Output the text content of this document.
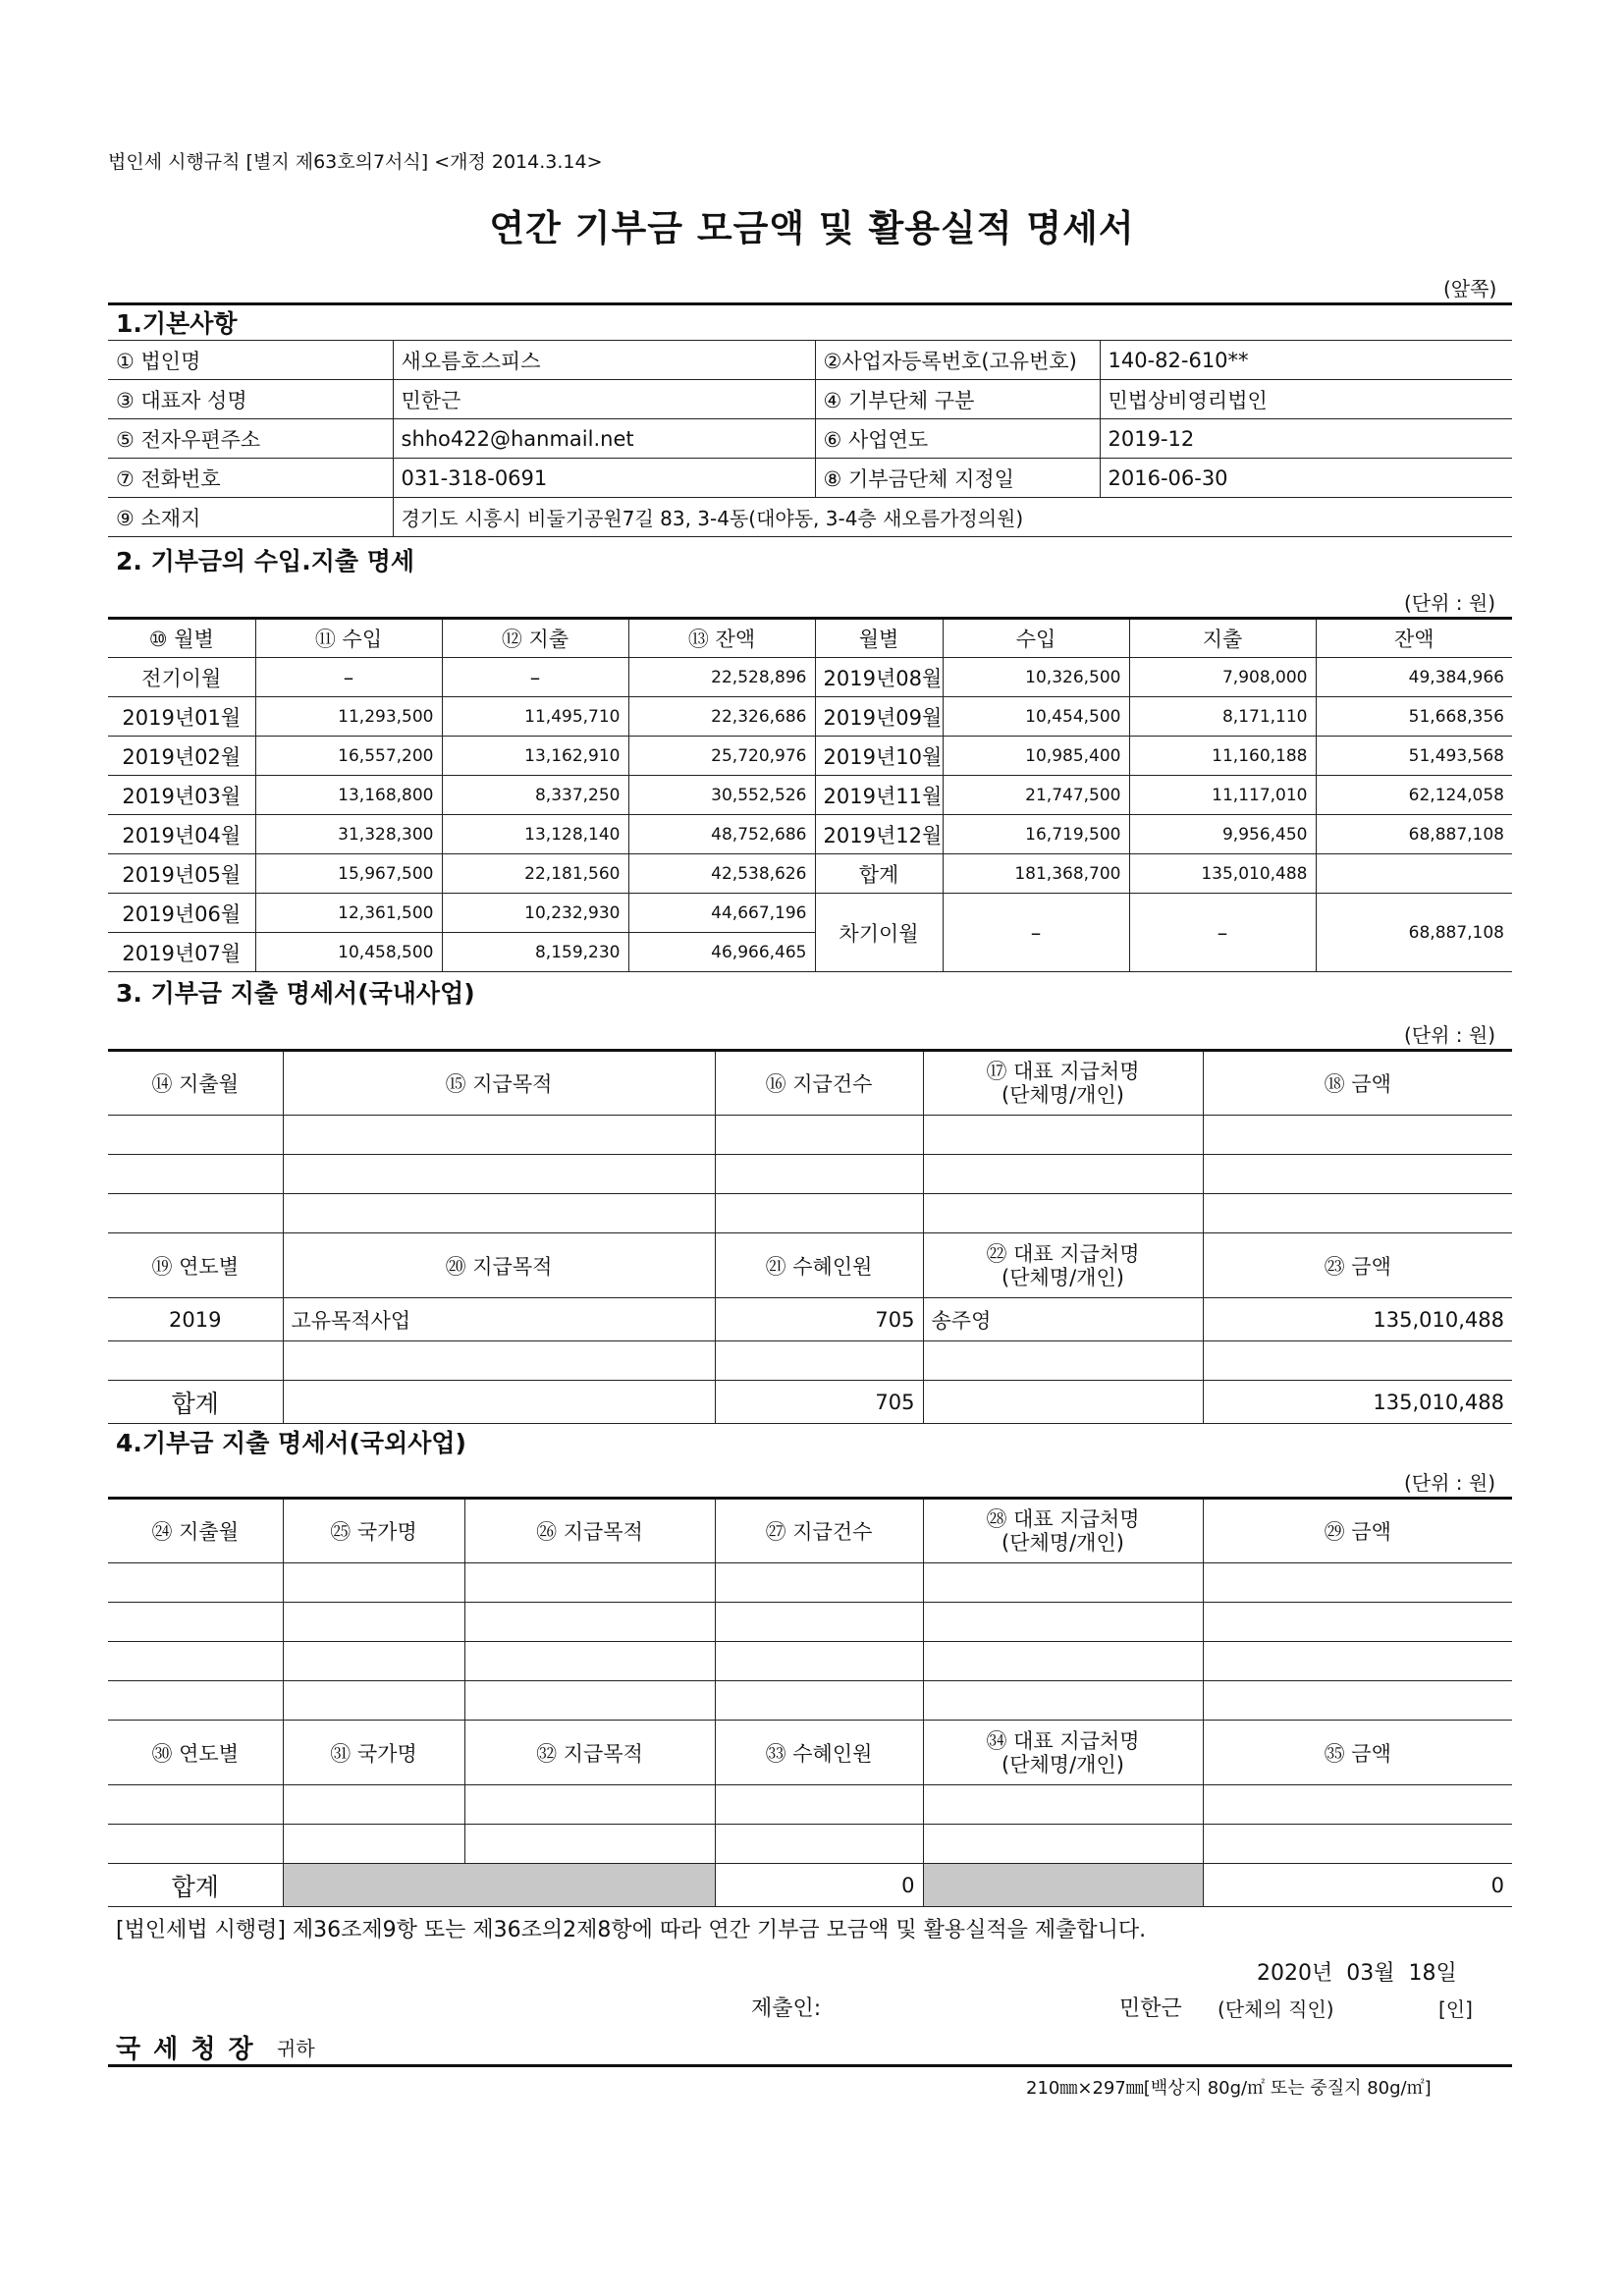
법인세 시행규칙 [별지 제63호의7서식] <개정 2014.3.14>
연간 기부금 모금액 및 활용실적 명세서
(앞쪽)
1.기본사항
① 법인명	새오름호스피스	②사업자등록번호(고유번호)	140-82-610**
③ 대표자 성명	민한근	④ 기부단체 구분	민법상비영리법인
⑤ 전자우편주소	shho422@hanmail.net	⑥ 사업연도	2019-12
⑦ 전화번호	031-318-0691	⑧ 기부금단체 지정일	2016-06-30
⑨ 소재지	경기도 시흥시 비둘기공원7길 83, 3-4동(대야동, 3-4층 새오름가정의원)		
2. 기부금의 수입.지출 명세
(단위 : 원)
⑩ 월별	⑪ 수입	⑫ 지출	⑬ 잔액	월별	수입	지출	잔액
전기이월	–	–	22,528,896	2019년08월	10,326,500	7,908,000	49,384,966
2019년01월	11,293,500	11,495,710	22,326,686	2019년09월	10,454,500	8,171,110	51,668,356
2019년02월	16,557,200	13,162,910	25,720,976	2019년10월	10,985,400	11,160,188	51,493,568
2019년03월	13,168,800	8,337,250	30,552,526	2019년11월	21,747,500	11,117,010	62,124,058
2019년04월	31,328,300	13,128,140	48,752,686	2019년12월	16,719,500	9,956,450	68,887,108
2019년05월	15,967,500	22,181,560	42,538,626	합계	181,368,700	135,010,488	
2019년06월	12,361,500	10,232,930	44,667,196	차기이월	–	–	68,887,108
2019년07월	10,458,500	8,159,230	46,966,465				
3. 기부금 지출 명세서(국내사업)
(단위 : 원)
⑭ 지출월	⑮ 지급목적	⑯ 지급건수	⑰ 대표 지급처명
(단체명/개인)	⑱ 금액

⑲ 연도별	⑳ 지급목적	㉑ 수혜인원	㉒ 대표 지급처명
(단체명/개인)	㉓ 금액
2019	고유목적사업	705	송주영	135,010,488

합계		705		135,010,488
4.기부금 지출 명세서(국외사업)
(단위 : 원)
㉔ 지출월	㉕ 국가명	㉖ 지급목적	㉗ 지급건수	㉘ 대표 지급처명
(단체명/개인)	㉙ 금액

㉚ 연도별	㉛ 국가명	㉜ 지급목적	㉝ 수혜인원	㉞ 대표 지급처명
(단체명/개인)	㉟ 금액

합계			0		0
[법인세법 시행령] 제36조제9항 또는 제36조의2제8항에 따라 연간 기부금 모금액 및 활용실적을 제출합니다.
2020년  03월  18일
제출인:	민한근 (단체의 직인)	[인]
국 세 청 장 귀하
210㎜×297㎜[백상지 80g/㎡ 또는 중질지 80g/㎡]
